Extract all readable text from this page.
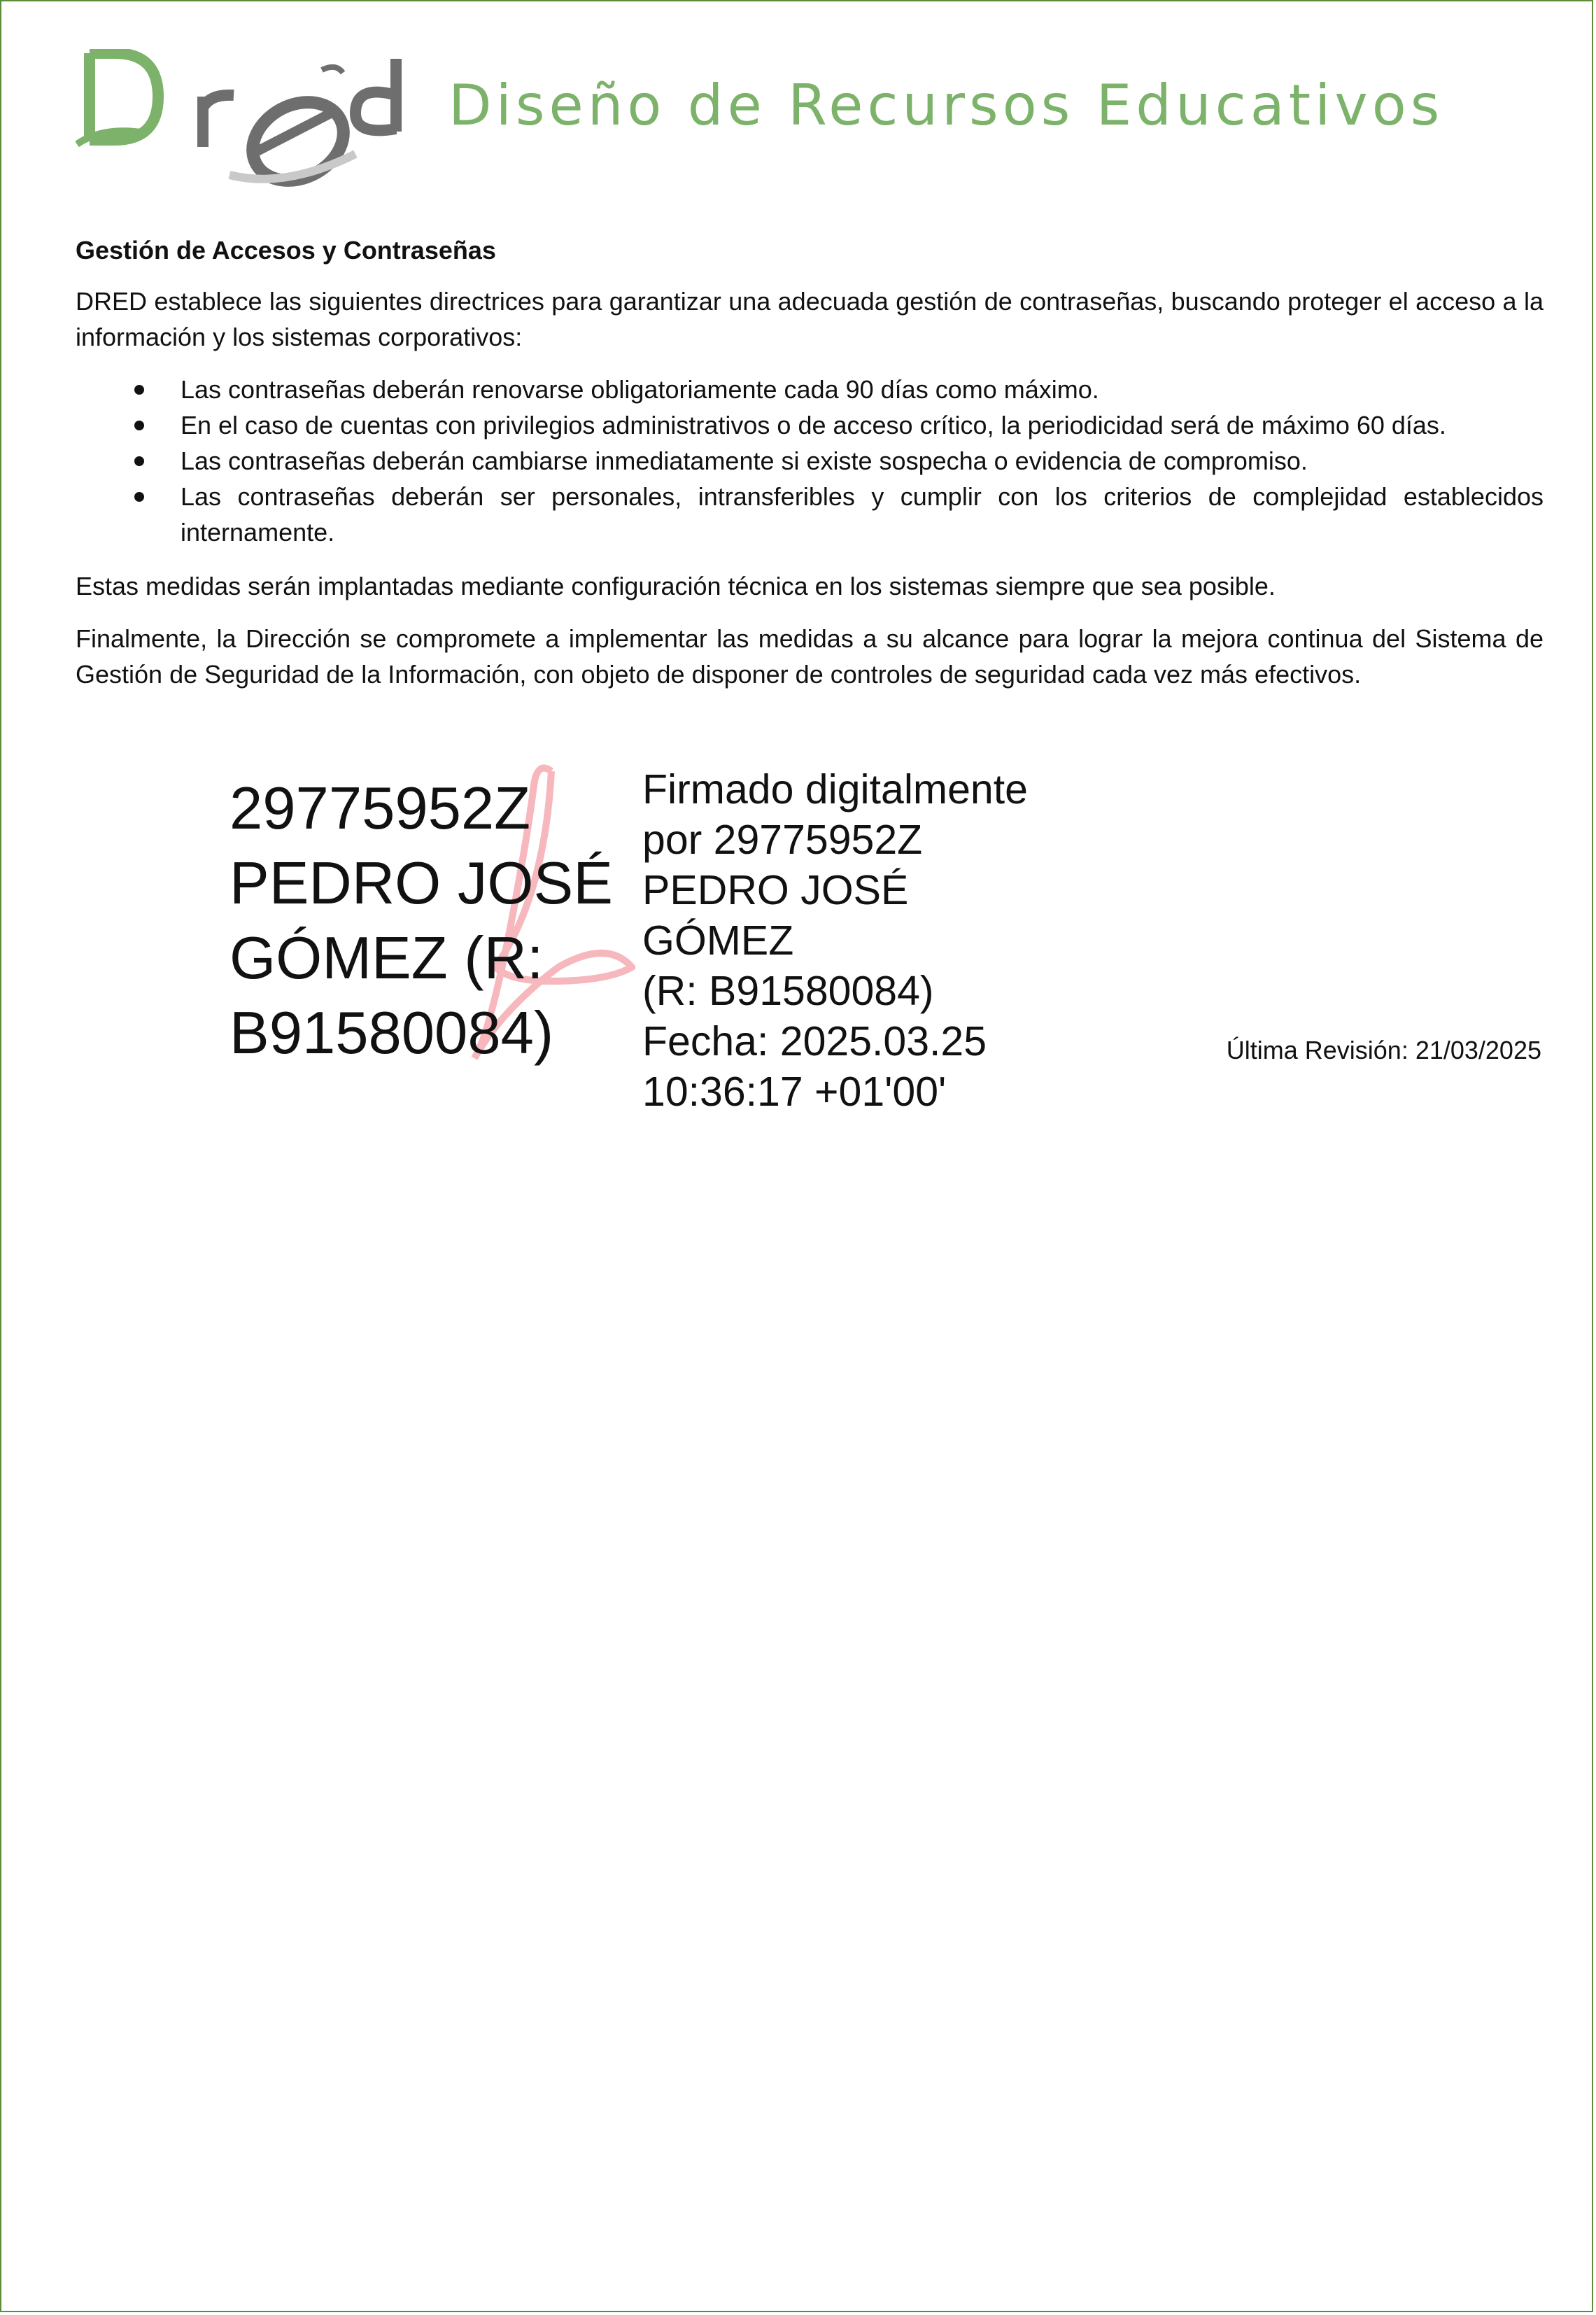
Diseño de Recursos Educativos

Gestión de Accesos y Contraseñas

DRED establece las siguientes directrices para garantizar una adecuada gestión de contraseñas, buscando proteger el acceso a la información y los sistemas corporativos:

Las contraseñas deberán renovarse obligatoriamente cada 90 días como máximo.
En el caso de cuentas con privilegios administrativos o de acceso crítico, la periodicidad será de máximo 60 días.
Las contraseñas deberán cambiarse inmediatamente si existe sospecha o evidencia de compromiso.
Las contraseñas deberán ser personales, intransferibles y cumplir con los criterios de complejidad establecidos internamente.

Estas medidas serán implantadas mediante configuración técnica en los sistemas siempre que sea posible.

Finalmente, la Dirección se compromete a implementar las medidas a su alcance para lograr la mejora continua del Sistema de Gestión de Seguridad de la Información, con objeto de disponer de controles de seguridad cada vez más efectivos.

29775952Z
PEDRO JOSÉ
GÓMEZ (R:
B91580084)
Firmado digitalmente
por 29775952Z
PEDRO JOSÉ GÓMEZ
(R: B91580084)
Fecha: 2025.03.25
10:36:17 +01'00'
Última Revisión: 21/03/2025
